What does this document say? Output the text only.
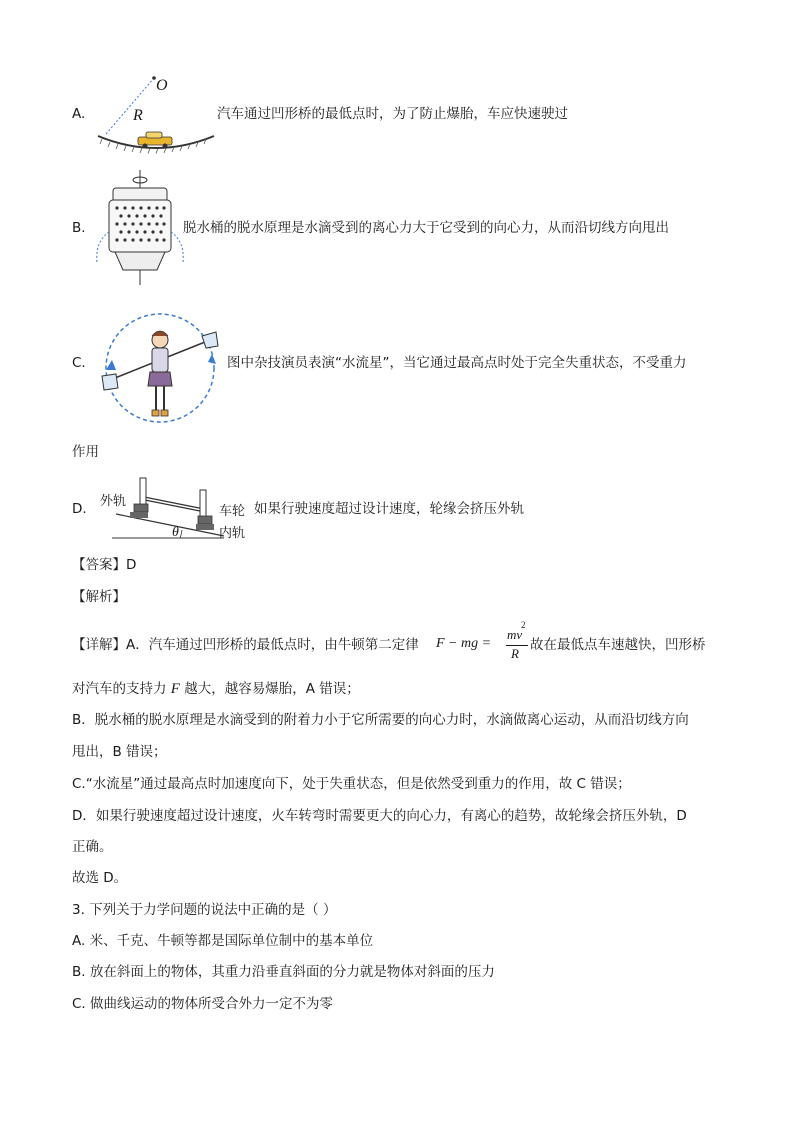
A.
O
R	汽车通过凹形桥的最低点时，为了防止爆胎，车应快速驶过
B.	脱水桶的脱水原理是水滴受到的离心力大于它受到的向心力，从而沿切线方向甩出
C.	图中杂技演员表演“水流星”，当它通过最高点时处于完全失重状态，不受重力
作用
D.
外轨
车轮
内轨
θ
如果行驶速度超过设计速度，轮缘会挤压外轨
【答案】D
【解析】
【详解】A．汽车通过凹形桥的最低点时，由牛顿第二定律 F − mg =
mv
2
R
故在最低点车速越快，凹形桥
对汽车的支持力 F 越大，越容易爆胎，A 错误；
B．脱水桶的脱水原理是水滴受到的附着力小于它所需要的向心力时，水滴做离心运动，从而沿切线方向
甩出，B 错误；
C.“水流星”通过最高点时加速度向下，处于失重状态，但是依然受到重力的作用，故 C 错误；
D．如果行驶速度超过设计速度，火车转弯时需要更大的向心力，有离心的趋势，故轮缘会挤压外轨，D
正确。
故选 D。
3. 下列关于力学问题的说法中正确的是（ ）
A. 米、千克、牛顿等都是国际单位制中的基本单位
B. 放在斜面上的物体，其重力沿垂直斜面的分力就是物体对斜面的压力
C. 做曲线运动的物体所受合外力一定不为零
